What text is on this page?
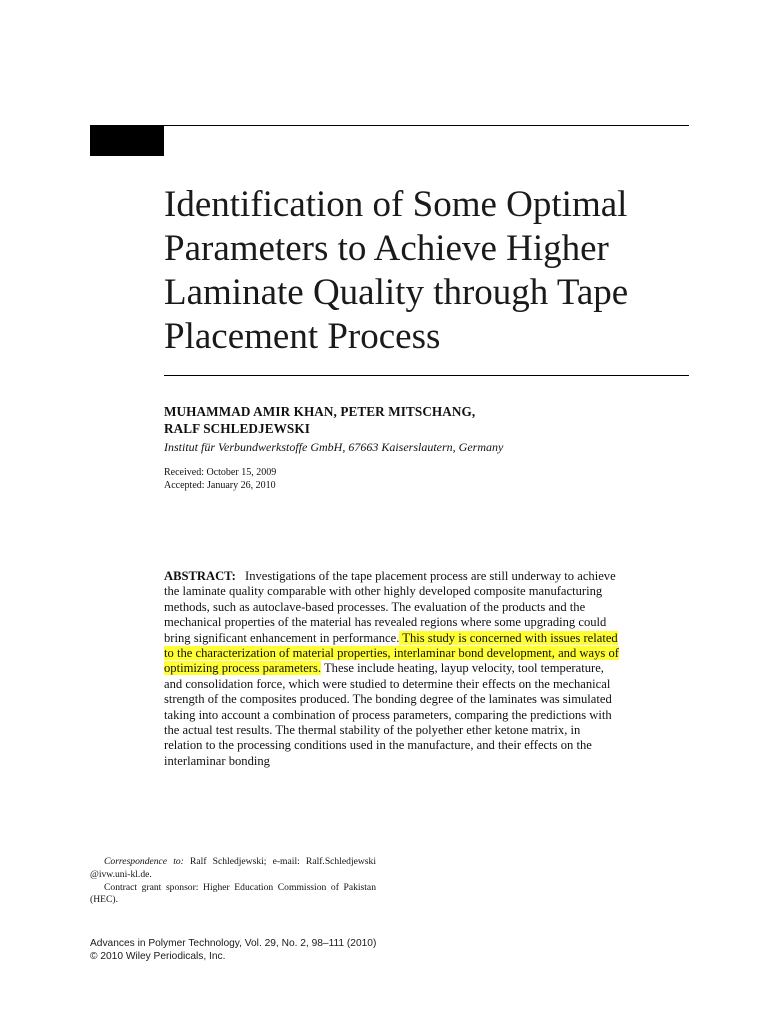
Identification of Some Optimal Parameters to Achieve Higher Laminate Quality through Tape Placement Process
MUHAMMAD AMIR KHAN, PETER MITSCHANG,
RALF SCHLEDJEWSKI

Institut für Verbundwerkstoffe GmbH, 67663 Kaiserslautern, Germany

Received: October 15, 2009
Accepted: January 26, 2010

ABSTRACT: Investigations of the tape placement process are still underway to achieve the laminate quality comparable with other highly developed composite manufacturing methods, such as autoclave-based processes. The evaluation of the products and the mechanical properties of the material has revealed regions where some upgrading could bring significant enhancement in performance. This study is concerned with issues related to the characterization of material properties, interlaminar bond development, and ways of optimizing process parameters. These include heating, layup velocity, tool temperature, and consolidation force, which were studied to determine their effects on the mechanical strength of the composites produced. The bonding degree of the laminates was simulated taking into account a combination of process parameters, comparing the predictions with the actual test results. The thermal stability of the polyether ether ketone matrix, in relation to the processing conditions used in the manufacture, and their effects on the interlaminar bonding

Correspondence to: Ralf Schledjewski; e-mail: Ralf.Schledjewski @ivw.uni-kl.de.

Contract grant sponsor: Higher Education Commission of Pakistan (HEC).

Advances in Polymer Technology, Vol. 29, No. 2, 98–111 (2010)
© 2010 Wiley Periodicals, Inc.
